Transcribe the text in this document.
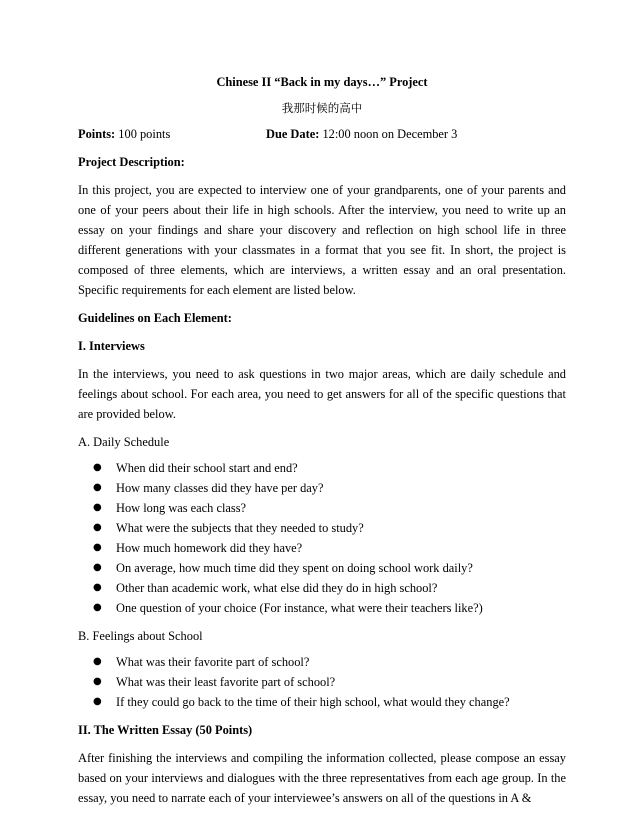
Chinese II “Back in my days…” Project

我那时候的高中

Points: 100 points	Due Date: 12:00 noon on December 3

Project Description:

In this project, you are expected to interview one of your grandparents, one of your parents and one of your peers about their life in high schools. After the interview, you need to write up an essay on your findings and share your discovery and reflection on high school life in three different generations with your classmates in a format that you see fit. In short, the project is composed of three elements, which are interviews, a written essay and an oral presentation. Specific requirements for each element are listed below.

Guidelines on Each Element:

I. Interviews

In the interviews, you need to ask questions in two major areas, which are daily schedule and feelings about school. For each area, you need to get answers for all of the specific questions that are provided below.

A. Daily Schedule

● When did their school start and end?
● How many classes did they have per day?
● How long was each class?
● What were the subjects that they needed to study?
● How much homework did they have?
● On average, how much time did they spent on doing school work daily?
● Other than academic work, what else did they do in high school?
● One question of your choice (For instance, what were their teachers like?)

B. Feelings about School

● What was their favorite part of school?
● What was their least favorite part of school?
● If they could go back to the time of their high school, what would they change?

II. The Written Essay (50 Points)

After finishing the interviews and compiling the information collected, please compose an essay based on your interviews and dialogues with the three representatives from each age group. In the essay, you need to narrate each of your interviewee’s answers on all of the questions in A &
